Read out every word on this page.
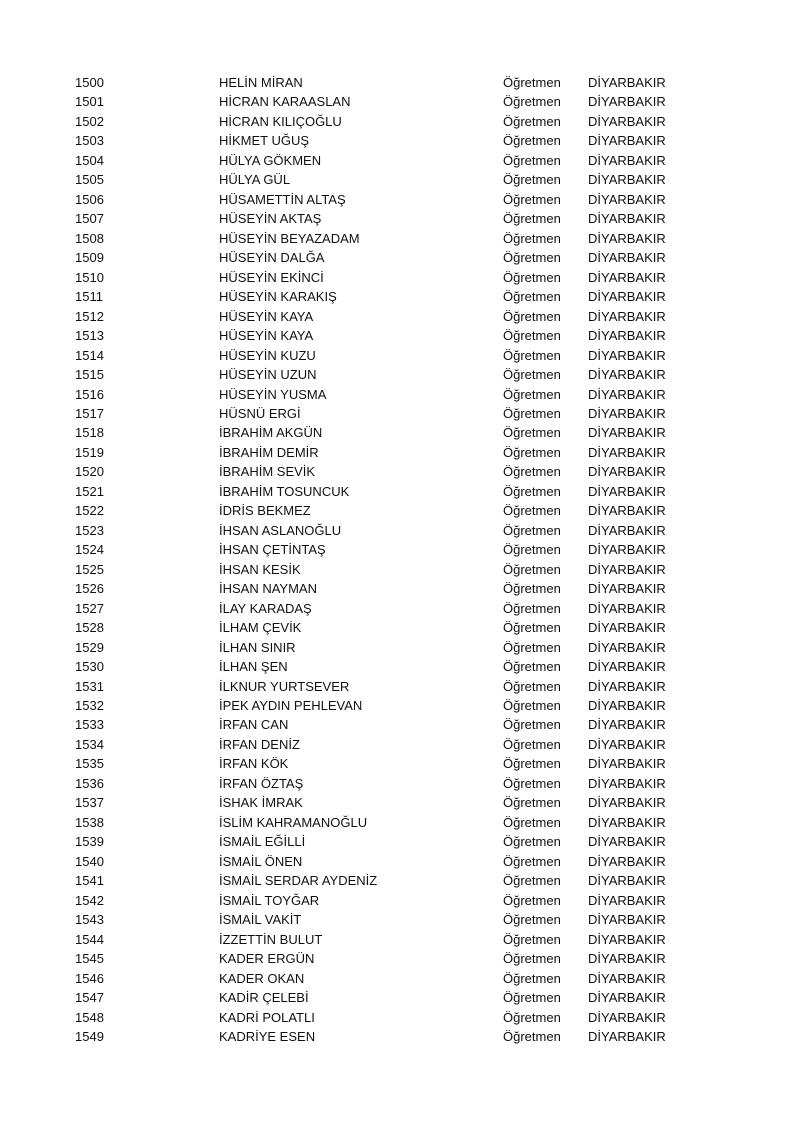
1500	HELİN MİRAN	Öğretmen DİYARBAKIR
1501	HİCRAN KARAASLAN	Öğretmen DİYARBAKIR
1502	HİCRAN KILIÇOĞLU	Öğretmen DİYARBAKIR
1503	HİKMET UĞUŞ	Öğretmen DİYARBAKIR
1504	HÜLYA GÖKMEN	Öğretmen DİYARBAKIR
1505	HÜLYA GÜL	Öğretmen DİYARBAKIR
1506	HÜSAMETTİN ALTAŞ	Öğretmen DİYARBAKIR
1507	HÜSEYİN AKTAŞ	Öğretmen DİYARBAKIR
1508	HÜSEYİN BEYAZADAM	Öğretmen DİYARBAKIR
1509	HÜSEYİN DALĞA	Öğretmen DİYARBAKIR
1510	HÜSEYİN EKİNCİ	Öğretmen DİYARBAKIR
1511	HÜSEYİN KARAKIŞ	Öğretmen DİYARBAKIR
1512	HÜSEYİN KAYA	Öğretmen DİYARBAKIR
1513	HÜSEYİN KAYA	Öğretmen DİYARBAKIR
1514	HÜSEYİN KUZU	Öğretmen DİYARBAKIR
1515	HÜSEYİN UZUN	Öğretmen DİYARBAKIR
1516	HÜSEYİN YUSMA	Öğretmen DİYARBAKIR
1517	HÜSNÜ ERGİ	Öğretmen DİYARBAKIR
1518	İBRAHİM AKGÜN	Öğretmen DİYARBAKIR
1519	İBRAHİM DEMİR	Öğretmen DİYARBAKIR
1520	İBRAHİM SEVİK	Öğretmen DİYARBAKIR
1521	İBRAHİM TOSUNCUK	Öğretmen DİYARBAKIR
1522	İDRİS BEKMEZ	Öğretmen DİYARBAKIR
1523	İHSAN ASLANOĞLU	Öğretmen DİYARBAKIR
1524	İHSAN ÇETİNTAŞ	Öğretmen DİYARBAKIR
1525	İHSAN KESİK	Öğretmen DİYARBAKIR
1526	İHSAN NAYMAN	Öğretmen DİYARBAKIR
1527	İLAY KARADAŞ	Öğretmen DİYARBAKIR
1528	İLHAM ÇEVİK	Öğretmen DİYARBAKIR
1529	İLHAN SINIR	Öğretmen DİYARBAKIR
1530	İLHAN ŞEN	Öğretmen DİYARBAKIR
1531	İLKNUR YURTSEVER	Öğretmen DİYARBAKIR
1532	İPEK AYDIN PEHLEVAN	Öğretmen DİYARBAKIR
1533	İRFAN CAN	Öğretmen DİYARBAKIR
1534	İRFAN DENİZ	Öğretmen DİYARBAKIR
1535	İRFAN KÖK	Öğretmen DİYARBAKIR
1536	İRFAN ÖZTAŞ	Öğretmen DİYARBAKIR
1537	İSHAK İMRAK	Öğretmen DİYARBAKIR
1538	İSLİM KAHRAMANOĞLU	Öğretmen DİYARBAKIR
1539	İSMAİL EĞİLLİ	Öğretmen DİYARBAKIR
1540	İSMAİL ÖNEN	Öğretmen DİYARBAKIR
1541	İSMAİL SERDAR AYDENİZ	Öğretmen DİYARBAKIR
1542	İSMAİL TOYĞAR	Öğretmen DİYARBAKIR
1543	İSMAİL VAKİT	Öğretmen DİYARBAKIR
1544	İZZETTİN BULUT	Öğretmen DİYARBAKIR
1545	KADER ERGÜN	Öğretmen DİYARBAKIR
1546	KADER OKAN	Öğretmen DİYARBAKIR
1547	KADİR ÇELEBİ	Öğretmen DİYARBAKIR
1548	KADRİ POLATLI	Öğretmen DİYARBAKIR
1549	KADRİYE ESEN	Öğretmen DİYARBAKIR
